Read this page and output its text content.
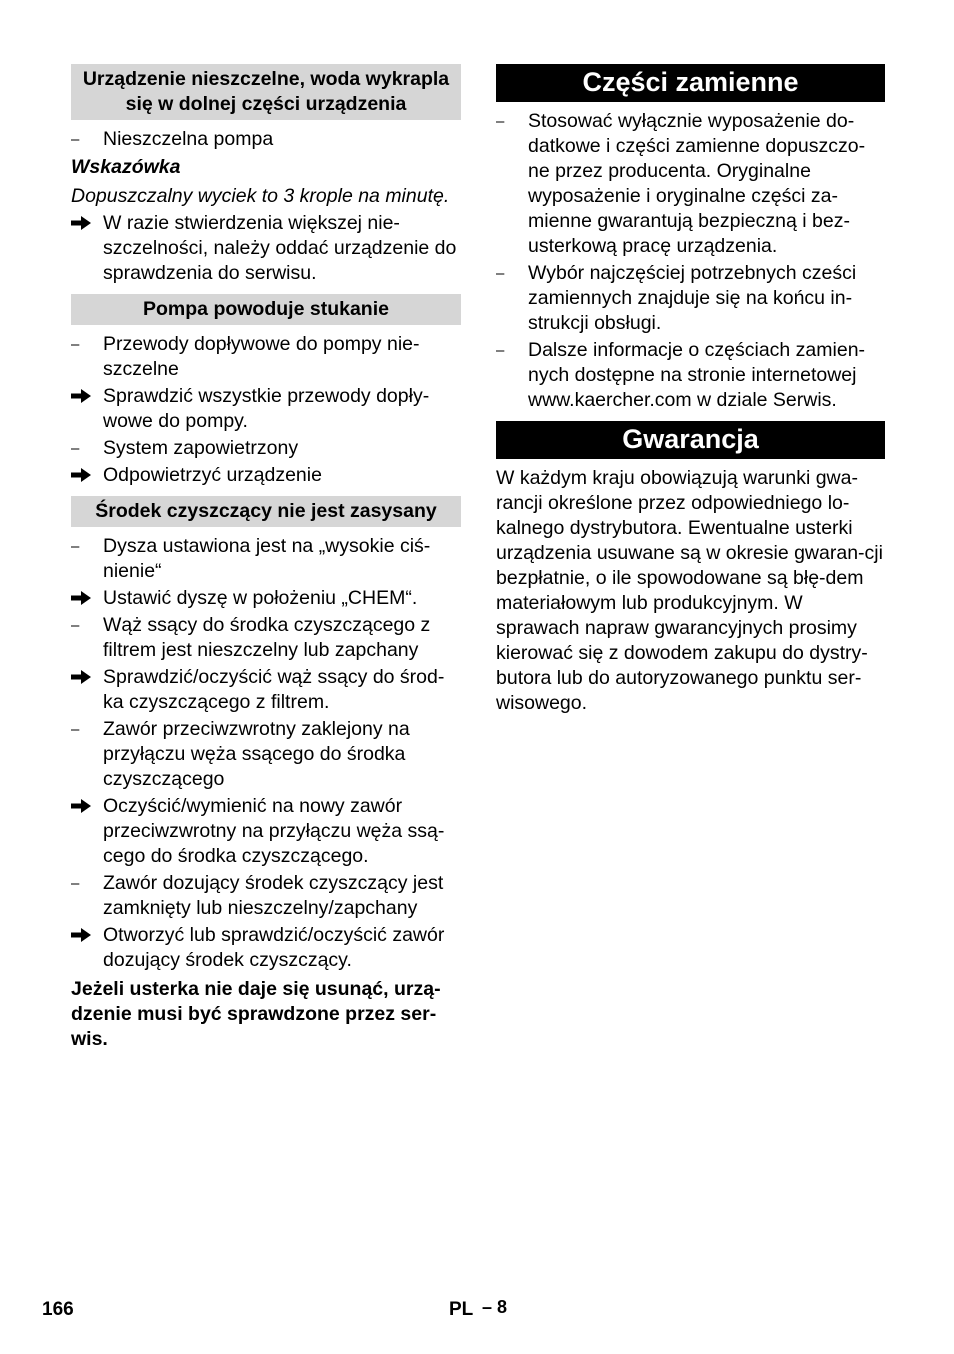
Urządzenie nieszczelne, woda wykrapla się w dolnej części urządzenia
–	Nieszczelna pompa
Wskazówka
Dopuszczalny wyciek to 3 krople na minutę.
W razie stwierdzenia większej nie-szczelności, należy oddać urządzenie do sprawdzenia do serwisu.
Pompa powoduje stukanie
–	Przewody dopływowe do pompy nie-szczelne
Sprawdzić wszystkie przewody dopły-wowe do pompy.
–	System zapowietrzony
Odpowietrzyć urządzenie
Środek czyszczący nie jest zasysany
–	Dysza ustawiona jest na „wysokie ciś-nienie“
Ustawić dyszę w położeniu „CHEM“.
–	Wąż ssący do środka czyszczącego z filtrem jest nieszczelny lub zapchany
Sprawdzić/oczyścić wąż ssący do środ-ka czyszczącego z filtrem.
–	Zawór przeciwzwrotny zaklejony na przyłączu węża ssącego do środka czyszczącego
Oczyścić/wymienić na nowy zawór przeciwzwrotny na przyłączu węża ssą-cego do środka czyszczącego.
–	Zawór dozujący środek czyszczący jest zamknięty lub nieszczelny/zapchany
Otworzyć lub sprawdzić/oczyścić zawór dozujący środek czyszczący.
Jeżeli usterka nie daje się usunąć, urzą-dzenie musi być sprawdzone przez ser-wis.
Części zamienne
–	Stosować wyłącznie wyposażenie do-datkowe i części zamienne dopuszczo-ne przez producenta. Oryginalne wyposażenie i oryginalne części za-mienne gwarantują bezpieczną i bez-usterkową pracę urządzenia.
–	Wybór najczęściej potrzebnych cześci zamiennych znajduje się na końcu in-strukcji obsługi.
–	Dalsze informacje o częściach zamien-nych dostępne na stronie internetowej www.kaercher.com w dziale Serwis.
Gwarancja

W każdym kraju obowiązują warunki gwa-rancji określone przez odpowiedniego lo-kalnego dystrybutora. Ewentualne usterki urządzenia usuwane są w okresie gwaran-cji bezpłatnie, o ile spowodowane są błę-dem materiałowym lub produkcyjnym. W sprawach napraw gwarancyjnych prosimy kierować się z dowodem zakupu do dystry-butora lub do autoryzowanego punktu ser-wisowego.

166	PL – 8
